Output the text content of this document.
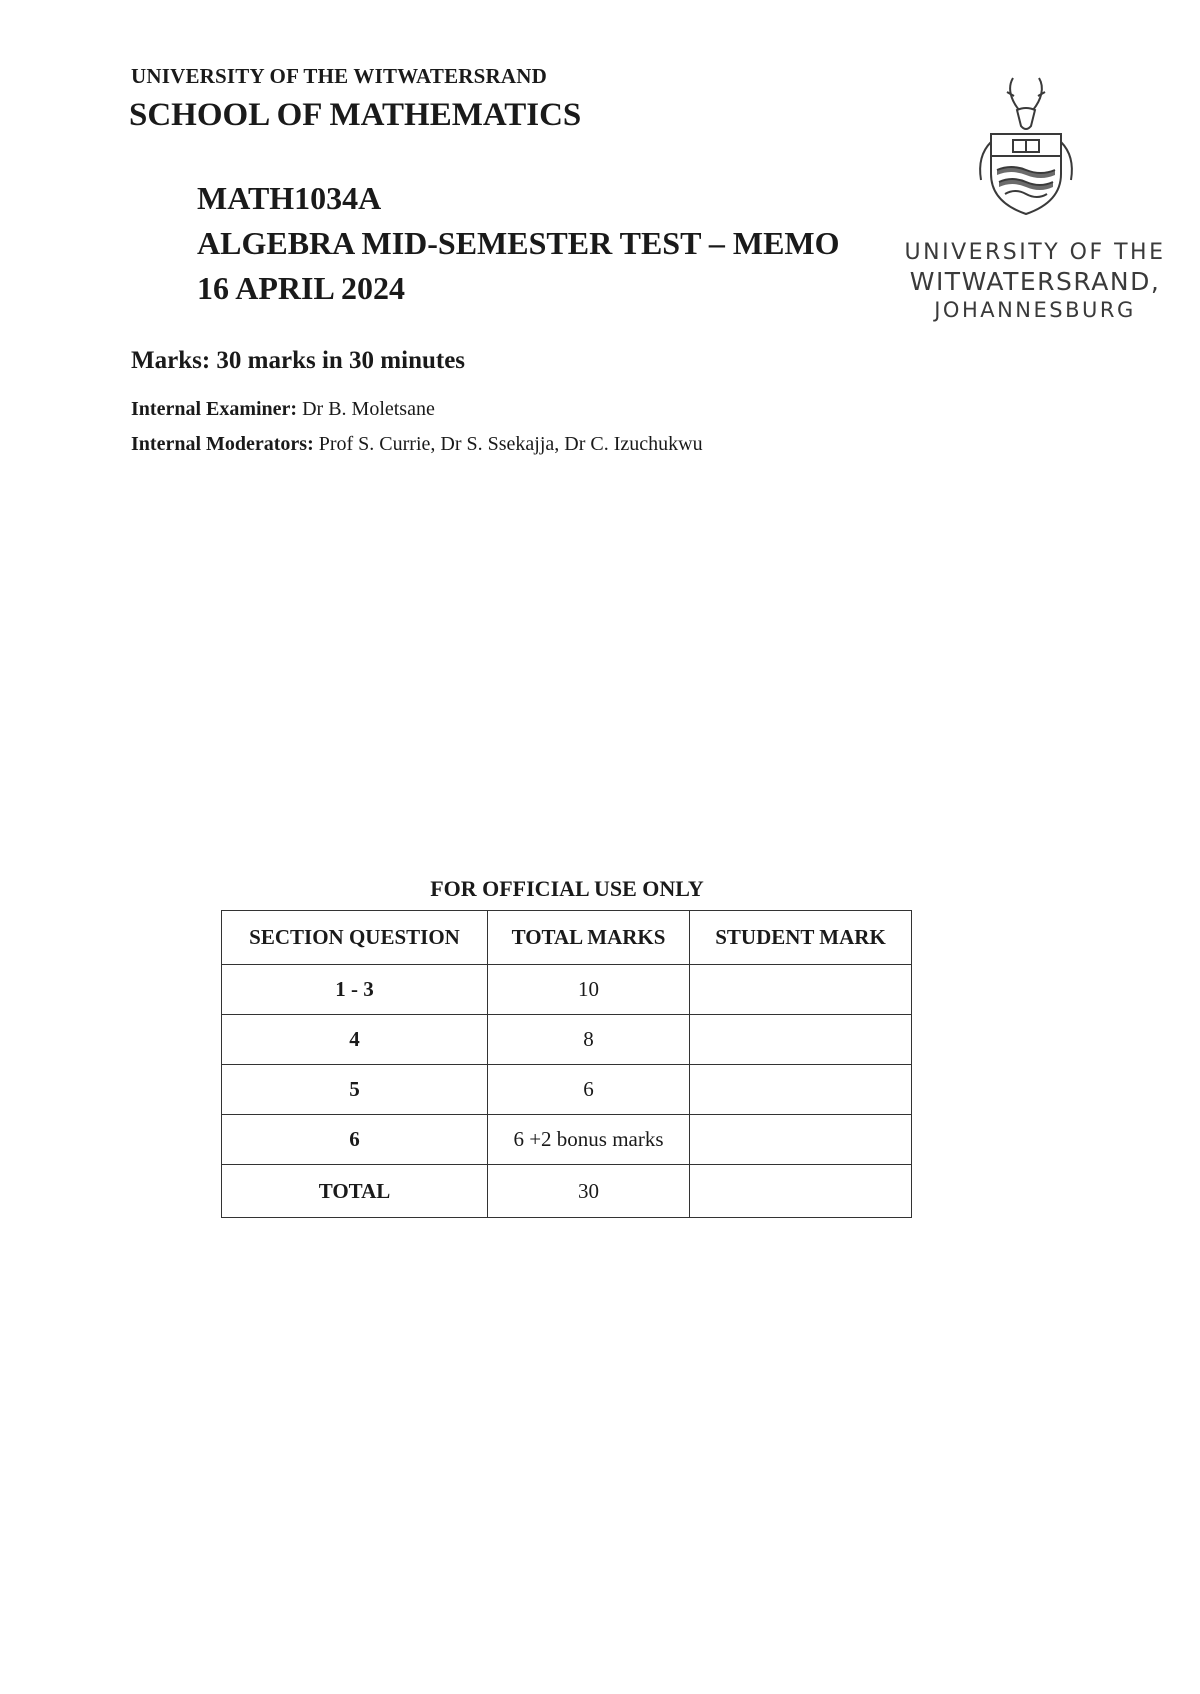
UNIVERSITY OF THE WITWATERSRAND
SCHOOL OF MATHEMATICS
MATH1034A
ALGEBRA MID-SEMESTER TEST – MEMO
16 APRIL 2024
UNIVERSITY OF THE
WITWATERSRAND,
JOHANNESBURG
Marks: 30 marks in 30 minutes
Internal Examiner: Dr B. Moletsane
Internal Moderators: Prof S. Currie, Dr S. Ssekajja, Dr C. Izuchukwu
FOR OFFICIAL USE ONLY
SECTION QUESTION	TOTAL MARKS	STUDENT MARK
1 - 3	10	
4	8	
5	6	
6	6 +2 bonus marks	
TOTAL	30	
